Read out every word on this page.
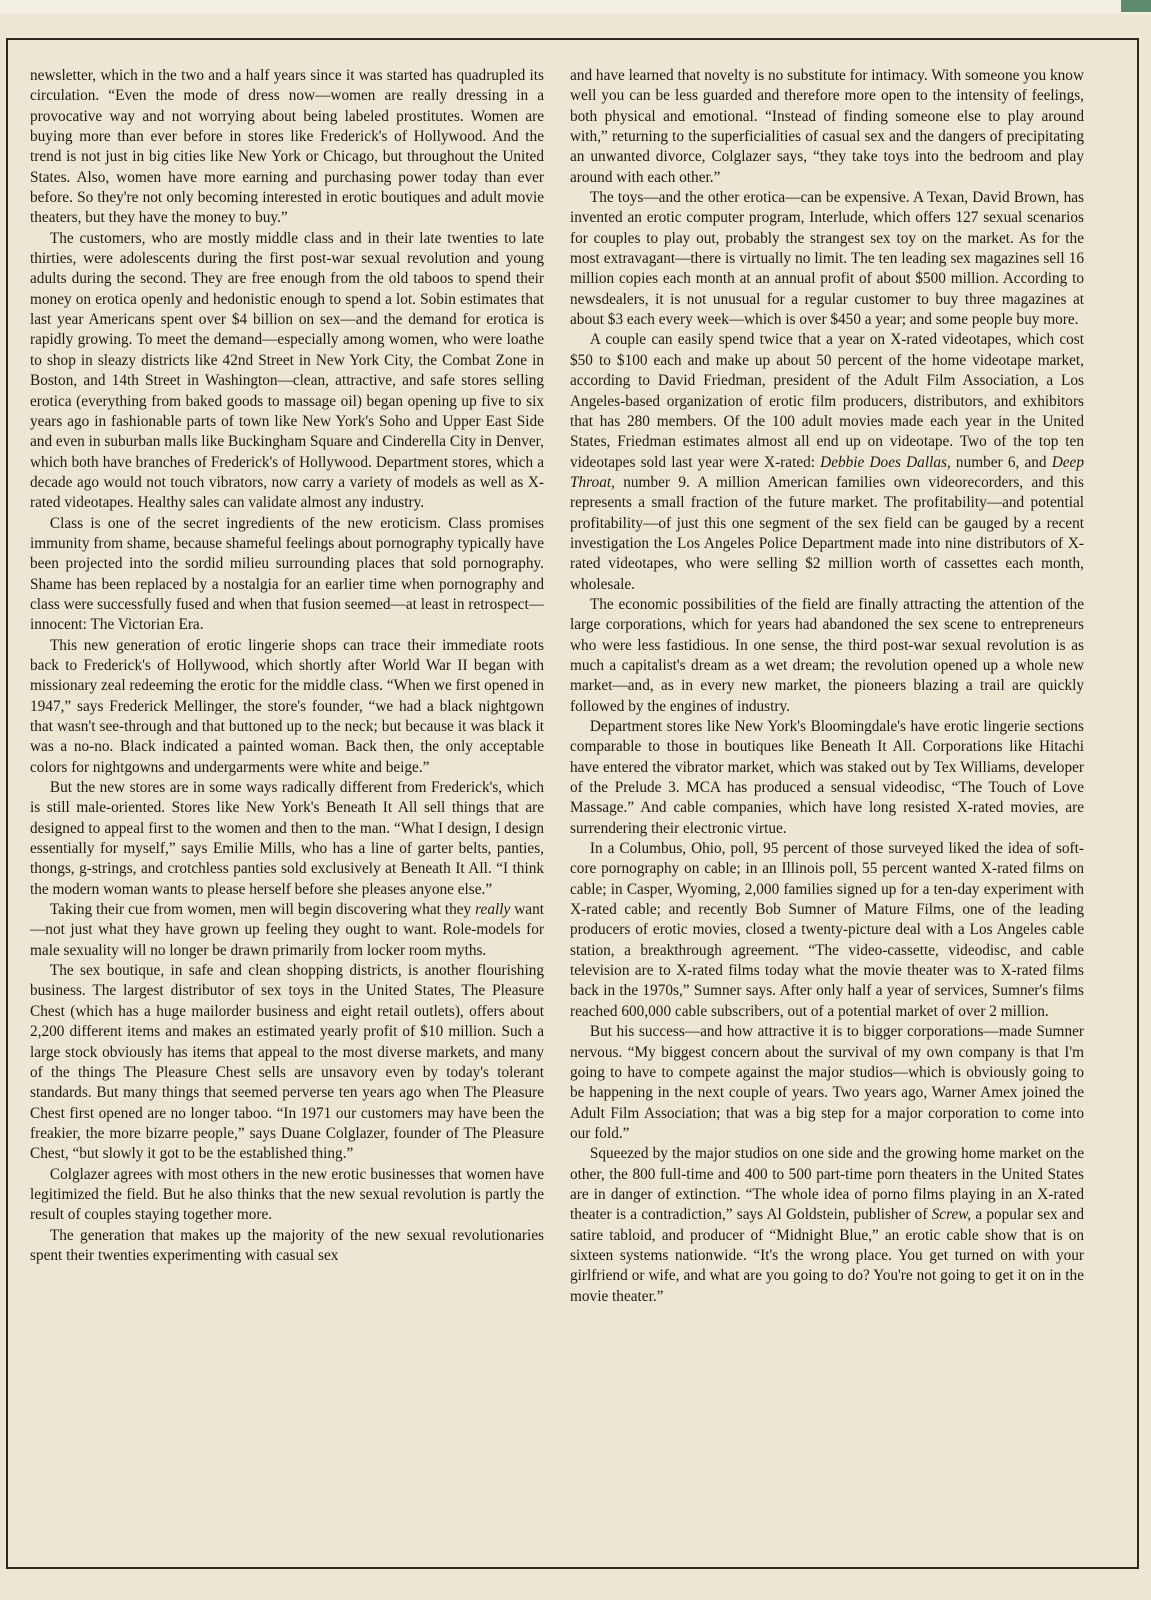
newsletter, which in the two and a half years since it was started has quadrupled its circulation. “Even the mode of dress now—women are really dressing in a provocative way and not worrying about being labeled prostitutes. Women are buying more than ever before in stores like Frederick's of Hollywood. And the trend is not just in big cities like New York or Chicago, but throughout the United States. Also, women have more earning and purchasing power today than ever before. So they're not only becoming interested in erotic boutiques and adult movie theaters, but they have the money to buy.”

The customers, who are mostly middle class and in their late twenties to late thirties, were adolescents during the first post-war sexual revolution and young adults during the second. They are free enough from the old taboos to spend their money on erotica openly and hedonistic enough to spend a lot. Sobin estimates that last year Americans spent over $4 billion on sex—and the demand for erotica is rapidly growing. To meet the demand—especially among women, who were loathe to shop in sleazy districts like 42nd Street in New York City, the Combat Zone in Boston, and 14th Street in Washington—clean, attractive, and safe stores selling erotica (everything from baked goods to massage oil) began opening up five to six years ago in fashionable parts of town like New York's Soho and Upper East Side and even in suburban malls like Buckingham Square and Cinderella City in Denver, which both have branches of Frederick's of Hollywood. Department stores, which a decade ago would not touch vibrators, now carry a variety of models as well as X-rated videotapes. Healthy sales can validate almost any industry.

Class is one of the secret ingredients of the new eroticism. Class promises immunity from shame, because shameful feelings about pornography typically have been projected into the sordid milieu surrounding places that sold pornography. Shame has been replaced by a nostalgia for an earlier time when pornography and class were successfully fused and when that fusion seemed—at least in retrospect—innocent: The Victorian Era.

This new generation of erotic lingerie shops can trace their immediate roots back to Frederick's of Hollywood, which shortly after World War II began with missionary zeal redeeming the erotic for the middle class. “When we first opened in 1947,” says Frederick Mellinger, the store's founder, “we had a black nightgown that wasn't see-through and that buttoned up to the neck; but because it was black it was a no-no. Black indicated a painted woman. Back then, the only acceptable colors for nightgowns and undergarments were white and beige.”

But the new stores are in some ways radically different from Frederick's, which is still male-oriented. Stores like New York's Beneath It All sell things that are designed to appeal first to the women and then to the man. “What I design, I design essentially for myself,” says Emilie Mills, who has a line of garter belts, panties, thongs, g-strings, and crotchless panties sold exclusively at Beneath It All. “I think the modern woman wants to please herself before she pleases anyone else.”

Taking their cue from women, men will begin discovering what they really want—not just what they have grown up feeling they ought to want. Role-models for male sexuality will no longer be drawn primarily from locker room myths.

The sex boutique, in safe and clean shopping districts, is another flourishing business. The largest distributor of sex toys in the United States, The Pleasure Chest (which has a huge mailorder business and eight retail outlets), offers about 2,200 different items and makes an estimated yearly profit of $10 million. Such a large stock obviously has items that appeal to the most diverse markets, and many of the things The Pleasure Chest sells are unsavory even by today's tolerant standards. But many things that seemed perverse ten years ago when The Pleasure Chest first opened are no longer taboo. “In 1971 our customers may have been the freakier, the more bizarre people,” says Duane Colglazer, founder of The Pleasure Chest, “but slowly it got to be the established thing.”

Colglazer agrees with most others in the new erotic businesses that women have legitimized the field. But he also thinks that the new sexual revolution is partly the result of couples staying together more.

The generation that makes up the majority of the new sexual revolutionaries spent their twenties experimenting with casual sex

and have learned that novelty is no substitute for intimacy. With someone you know well you can be less guarded and therefore more open to the intensity of feelings, both physical and emotional. “Instead of finding someone else to play around with,” returning to the superficialities of casual sex and the dangers of precipitating an unwanted divorce, Colglazer says, “they take toys into the bedroom and play around with each other.”

The toys—and the other erotica—can be expensive. A Texan, David Brown, has invented an erotic computer program, Interlude, which offers 127 sexual scenarios for couples to play out, probably the strangest sex toy on the market. As for the most extravagant—there is virtually no limit. The ten leading sex magazines sell 16 million copies each month at an annual profit of about $500 million. According to newsdealers, it is not unusual for a regular customer to buy three magazines at about $3 each every week—which is over $450 a year; and some people buy more.

A couple can easily spend twice that a year on X-rated videotapes, which cost $50 to $100 each and make up about 50 percent of the home videotape market, according to David Friedman, president of the Adult Film Association, a Los Angeles-based organization of erotic film producers, distributors, and exhibitors that has 280 members. Of the 100 adult movies made each year in the United States, Friedman estimates almost all end up on videotape. Two of the top ten videotapes sold last year were X-rated: Debbie Does Dallas, number 6, and Deep Throat, number 9. A million American families own videorecorders, and this represents a small fraction of the future market. The profitability—and potential profitability—of just this one segment of the sex field can be gauged by a recent investigation the Los Angeles Police Department made into nine distributors of X-rated videotapes, who were selling $2 million worth of cassettes each month, wholesale.

The economic possibilities of the field are finally attracting the attention of the large corporations, which for years had abandoned the sex scene to entrepreneurs who were less fastidious. In one sense, the third post-war sexual revolution is as much a capitalist's dream as a wet dream; the revolution opened up a whole new market—and, as in every new market, the pioneers blazing a trail are quickly followed by the engines of industry.

Department stores like New York's Bloomingdale's have erotic lingerie sections comparable to those in boutiques like Beneath It All. Corporations like Hitachi have entered the vibrator market, which was staked out by Tex Williams, developer of the Prelude 3. MCA has produced a sensual videodisc, “The Touch of Love Massage.” And cable companies, which have long resisted X-rated movies, are surrendering their electronic virtue.

In a Columbus, Ohio, poll, 95 percent of those surveyed liked the idea of soft-core pornography on cable; in an Illinois poll, 55 percent wanted X-rated films on cable; in Casper, Wyoming, 2,000 families signed up for a ten-day experiment with X-rated cable; and recently Bob Sumner of Mature Films, one of the leading producers of erotic movies, closed a twenty-picture deal with a Los Angeles cable station, a breakthrough agreement. “The video-cassette, videodisc, and cable television are to X-rated films today what the movie theater was to X-rated films back in the 1970s,” Sumner says. After only half a year of services, Sumner's films reached 600,000 cable subscribers, out of a potential market of over 2 million.

But his success—and how attractive it is to bigger corporations—made Sumner nervous. “My biggest concern about the survival of my own company is that I'm going to have to compete against the major studios—which is obviously going to be happening in the next couple of years. Two years ago, Warner Amex joined the Adult Film Association; that was a big step for a major corporation to come into our fold.”

Squeezed by the major studios on one side and the growing home market on the other, the 800 full-time and 400 to 500 part-time porn theaters in the United States are in danger of extinction. “The whole idea of porno films playing in an X-rated theater is a contradiction,” says Al Goldstein, publisher of Screw, a popular sex and satire tabloid, and producer of “Midnight Blue,” an erotic cable show that is on sixteen systems nationwide. “It's the wrong place. You get turned on with your girlfriend or wife, and what are you going to do? You're not going to get it on in the movie theater.”
